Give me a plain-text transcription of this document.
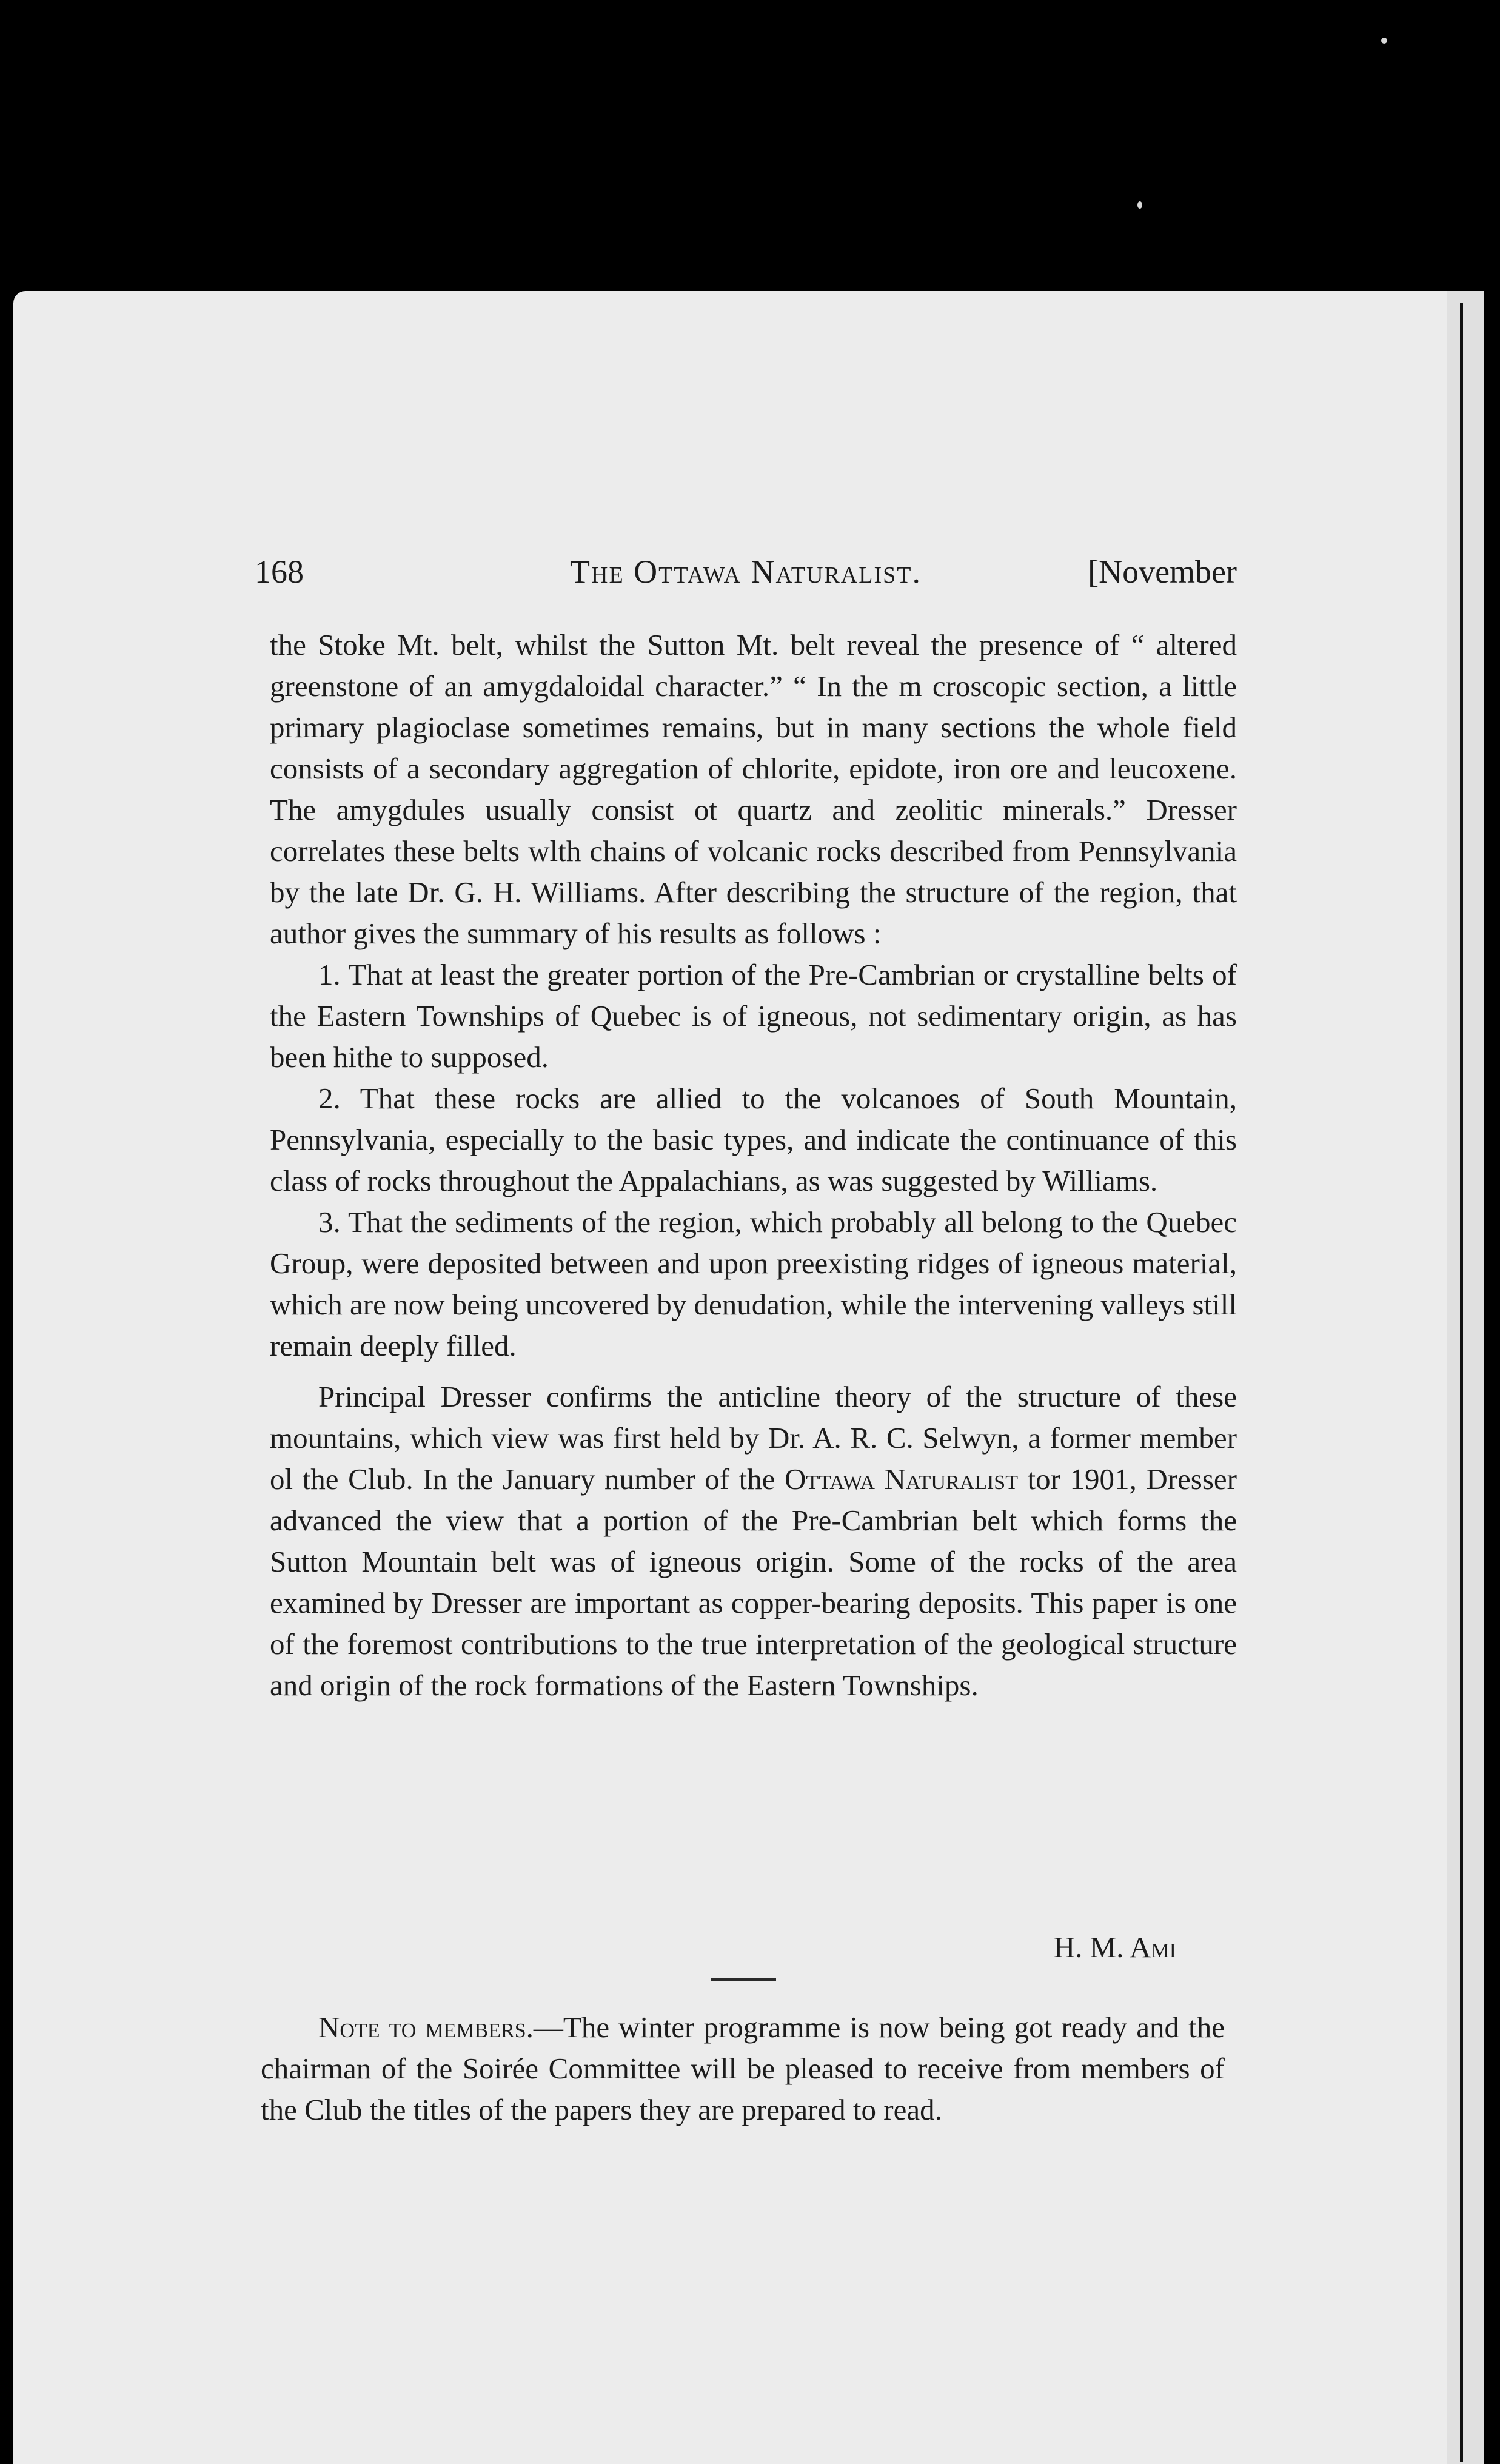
168	The Ottawa Naturalist.	[November

the Stoke Mt. belt, whilst the Sutton Mt. belt reveal the presence of “ altered greenstone of an amygdaloidal character.” “ In the m croscopic section, a little primary plagioclase sometimes remains, but in many sections the whole field consists of a secondary aggregation of chlorite, epidote, iron ore and leucoxene. The amygdules usually consist ot quartz and zeolitic minerals.” Dresser correlates these belts wlth chains of volcanic rocks described from Pennsylvania by the late Dr. G. H. Williams. After describing the structure of the region, that author gives the summary of his results as follows :

1. That at least the greater portion of the Pre-Cambrian or crystalline belts of the Eastern Townships of Quebec is of igneous, not sedimentary origin, as has been hithe to supposed.

2. That these rocks are allied to the volcanoes of South Mountain, Pennsylvania, especially to the basic types, and indicate the continuance of this class of rocks throughout the Appalachians, as was suggested by Williams.

3. That the sediments of the region, which probably all belong to the Quebec Group, were deposited between and upon preexisting ridges of igneous material, which are now being uncovered by denudation, while the intervening valleys still remain deeply filled.

Principal Dresser confirms the anticline theory of the structure of these mountains, which view was first held by Dr. A. R. C. Selwyn, a former member ol the Club. In the January number of the Ottawa Naturalist tor 1901, Dresser advanced the view that a portion of the Pre-Cambrian belt which forms the Sutton Mountain belt was of igneous origin. Some of the rocks of the area examined by Dresser are important as copper-bearing deposits. This paper is one of the foremost contributions to the true interpretation of the geological structure and origin of the rock formations of the Eastern Townships.

H. M. Ami

Note to members.—The winter programme is now being got ready and the chairman of the Soirée Committee will be pleased to receive from members of the Club the titles of the papers they are prepared to read.
